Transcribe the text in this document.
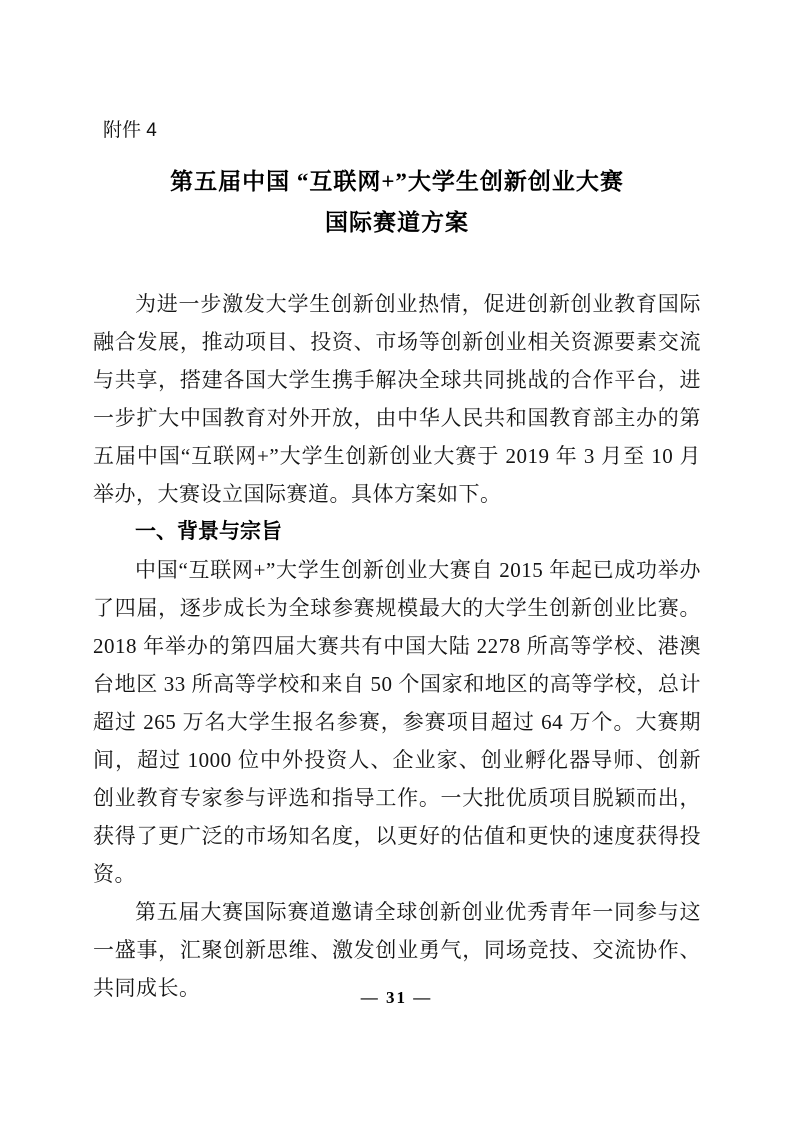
附件 4
第五届中国 “互联网+”大学生创新创业大赛
国际赛道方案

为进一步激发大学生创新创业热情，促进创新创业教育国际融合发展，推动项目、投资、市场等创新创业相关资源要素交流与共享，搭建各国大学生携手解决全球共同挑战的合作平台，进一步扩大中国教育对外开放，由中华人民共和国教育部主办的第五届中国“互联网+”大学生创新创业大赛于 2019 年 3 月至 10 月举办，大赛设立国际赛道。具体方案如下。

一、背景与宗旨

中国“互联网+”大学生创新创业大赛自 2015 年起已成功举办了四届，逐步成长为全球参赛规模最大的大学生创新创业比赛。2018 年举办的第四届大赛共有中国大陆 2278 所高等学校、港澳台地区 33 所高等学校和来自 50 个国家和地区的高等学校，总计超过 265 万名大学生报名参赛，参赛项目超过 64 万个。大赛期间，超过 1000 位中外投资人、企业家、创业孵化器导师、创新创业教育专家参与评选和指导工作。一大批优质项目脱颖而出，获得了更广泛的市场知名度，以更好的估值和更快的速度获得投资。

第五届大赛国际赛道邀请全球创新创业优秀青年一同参与这一盛事，汇聚创新思维、激发创业勇气，同场竞技、交流协作、共同成长。	— 31 —
